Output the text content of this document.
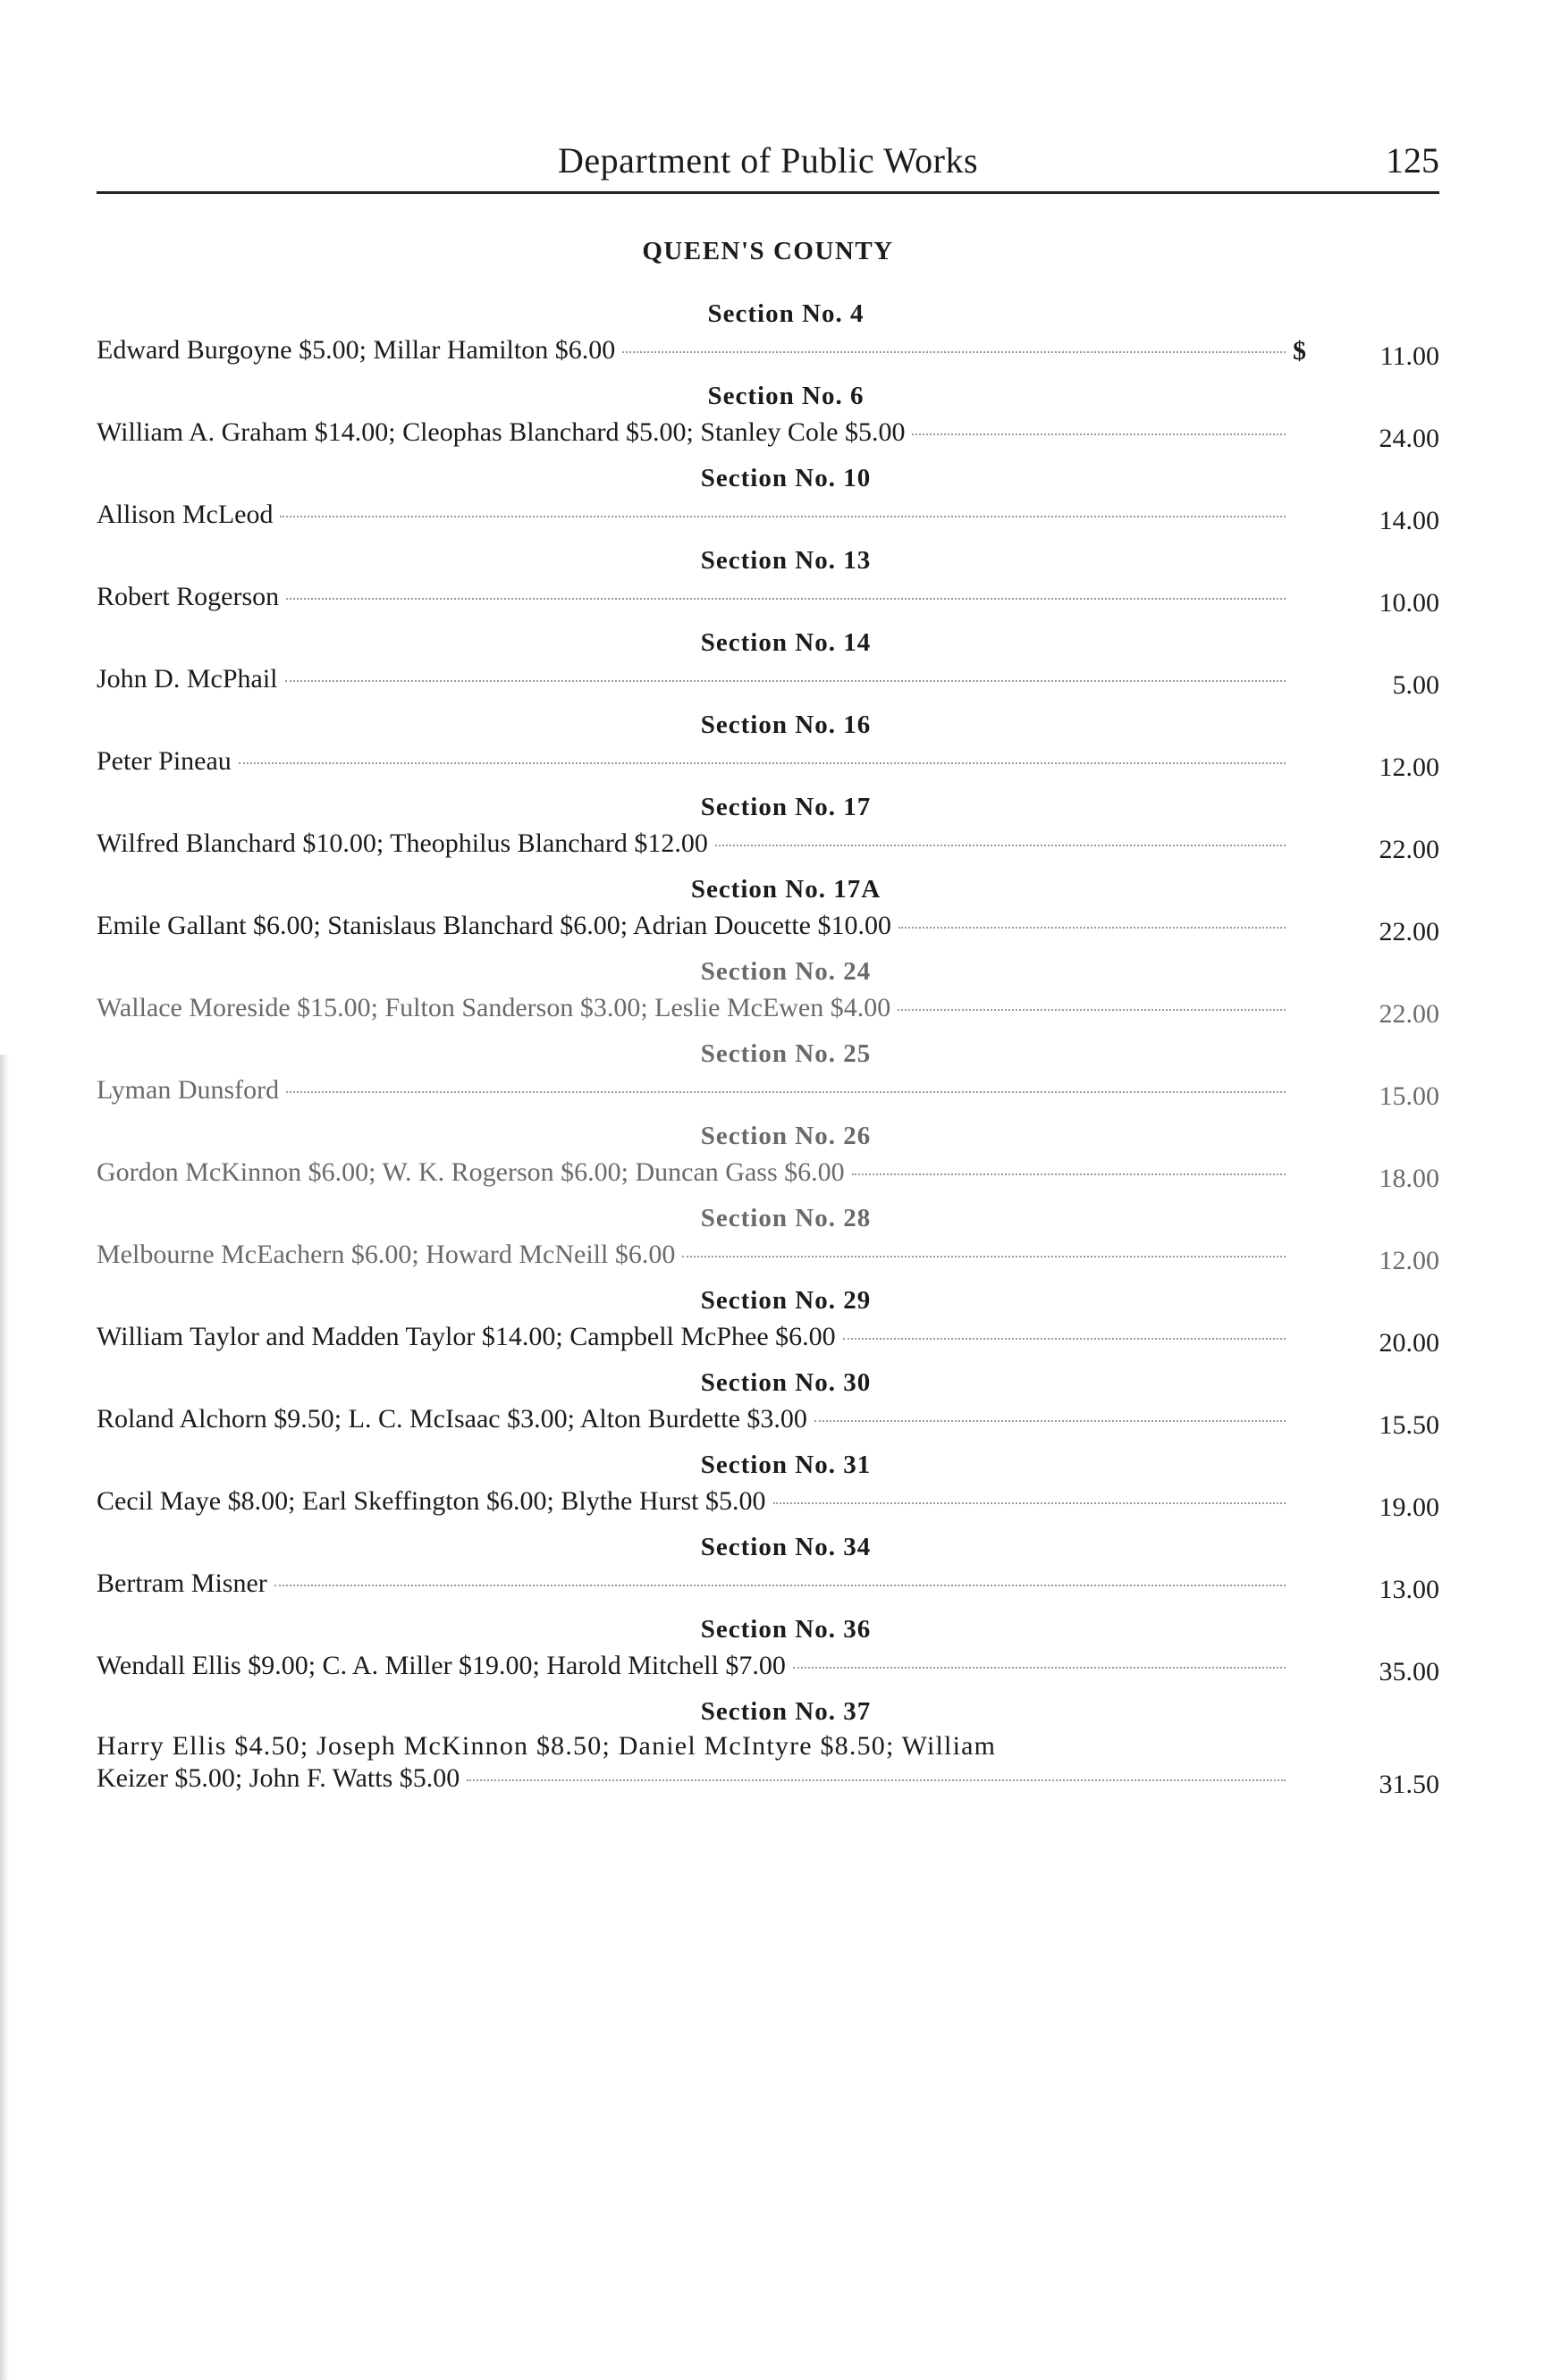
Department of Public Works	125
QUEEN'S COUNTY
Section No. 4
Edward Burgoyne $5.00; Millar Hamilton $6.00	$	11.00
Section No. 6
William A. Graham $14.00; Cleophas Blanchard $5.00; Stanley Cole $5.00	24.00
Section No. 10
Allison McLeod	14.00
Section No. 13
Robert Rogerson	10.00
Section No. 14
John D. McPhail	5.00
Section No. 16
Peter Pineau	12.00
Section No. 17
Wilfred Blanchard $10.00; Theophilus Blanchard $12.00	22.00
Section No. 17A
Emile Gallant $6.00; Stanislaus Blanchard $6.00; Adrian Doucette $10.00	22.00
Section No. 24
Wallace Moreside $15.00; Fulton Sanderson $3.00; Leslie McEwen $4.00	22.00
Section No. 25
Lyman Dunsford	15.00
Section No. 26
Gordon McKinnon $6.00; W. K. Rogerson $6.00; Duncan Gass $6.00	18.00
Section No. 28
Melbourne McEachern $6.00; Howard McNeill $6.00	12.00
Section No. 29
William Taylor and Madden Taylor $14.00; Campbell McPhee $6.00	20.00
Section No. 30
Roland Alchorn $9.50; L. C. McIsaac $3.00; Alton Burdette $3.00	15.50
Section No. 31
Cecil Maye $8.00; Earl Skeffington $6.00; Blythe Hurst $5.00	19.00
Section No. 34
Bertram Misner	13.00
Section No. 36
Wendall Ellis $9.00; C. A. Miller $19.00; Harold Mitchell $7.00	35.00
Section No. 37
Harry Ellis $4.50; Joseph McKinnon $8.50; Daniel McIntyre $8.50; William
Keizer $5.00; John F. Watts $5.00	31.50
